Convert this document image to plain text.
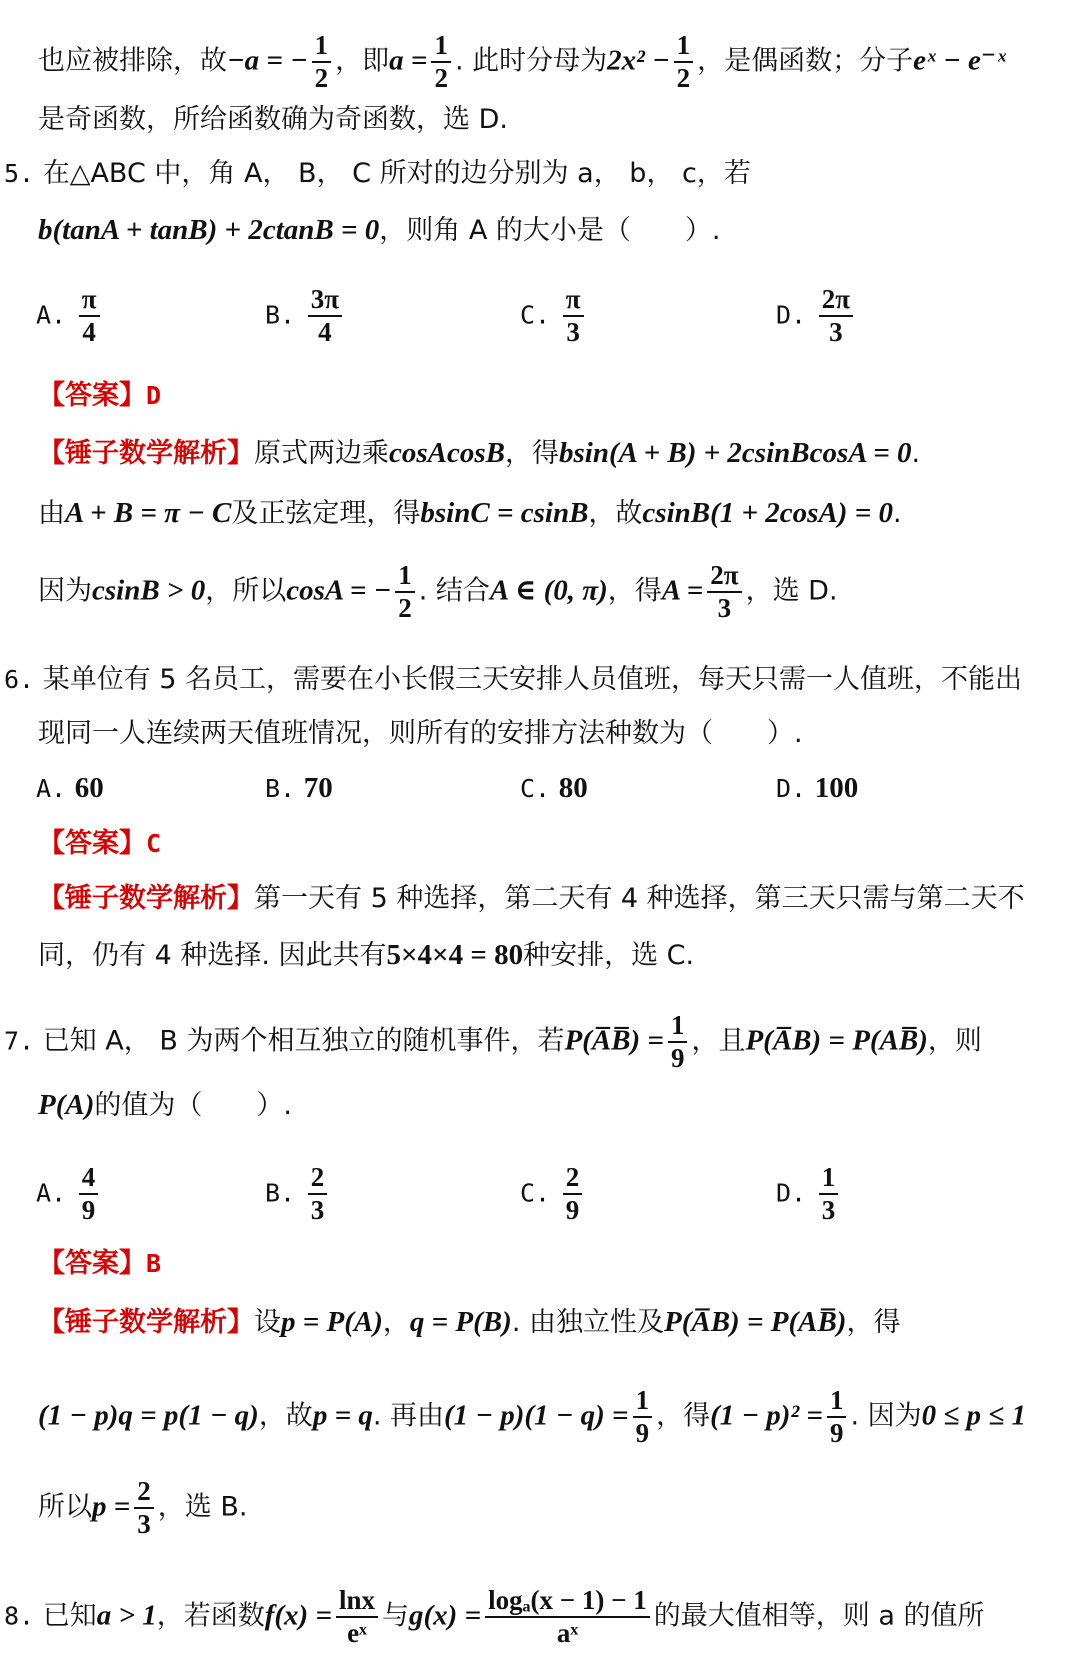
也应被排除，故−a = − $\frac{1}{2}$ ，即$a = \frac{1}{2}$ . 此时分母为$2x^2 - \frac{1}{2}$ ，是偶函数；分子eˣ − e⁻ˣ
是奇函数，所给函数确为奇函数，选 D.
5. 在△ABC 中，角 A， B， C 所对的边分别为 a， b， c，若
b(tanA + tanB) + 2ctanB = 0，则角 A 的大小是（　　）.
A. $\frac{\pi}{4}$	B. $\frac{3\pi}{4}$	C. $\frac{\pi}{3}$	D. $\frac{2\pi}{3}$
【答案】D
【锤子数学解析】原式两边乘cosAcosB，得bsin(A + B) + 2csinBcosA = 0.
由A + B = π − C及正弦定理，得bsinC = csinB，故csinB(1 + 2cosA) = 0.
因为csinB > 0，所以cosA = − $\frac{1}{2}$ . 结合A ∈ (0, π)，得$A = \frac{2\pi}{3}$ ，选 D.
6. 某单位有 5 名员工，需要在小长假三天安排人员值班，每天只需一人值班，不能出
现同一人连续两天值班情况，则所有的安排方法种数为（　　）.
A. 60	B. 70	C. 80	D. 100
【答案】C
【锤子数学解析】第一天有 5 种选择，第二天有 4 种选择，第三天只需与第二天不
同，仍有 4 种选择. 因此共有5×4×4 = 80种安排，选 C.
7. 已知 A， B 为两个相互独立的随机事件，若P(A̅B̅) = $\frac{1}{9}$ ，且P(A̅B) = P(AB̅)，则
P(A)的值为（　　）.
A. $\frac{4}{9}$	B. $\frac{2}{3}$	C. $\frac{2}{9}$	D. $\frac{1}{3}$
【答案】B
【锤子数学解析】设p = P(A)，q = P(B). 由独立性及P(A̅B) = P(AB̅)，得
(1 − p)q = p(1 − q)，故p = q. 再由$(1 - p)(1 - q) = \frac{1}{9}$ ，得$(1 - p)^2 = \frac{1}{9}$ . 因为0 ≤ p ≤ 1
所以$p = \frac{2}{3}$ ，选 B.
8. 已知a > 1，若函数$f(x) = \frac{\ln x}{\text{eˣ}}$ 与$g(x) = \frac{\text{logₐ(x − 1) − 1}}{\text{aˣ}}$ 的最大值相等，则 a 的值所
